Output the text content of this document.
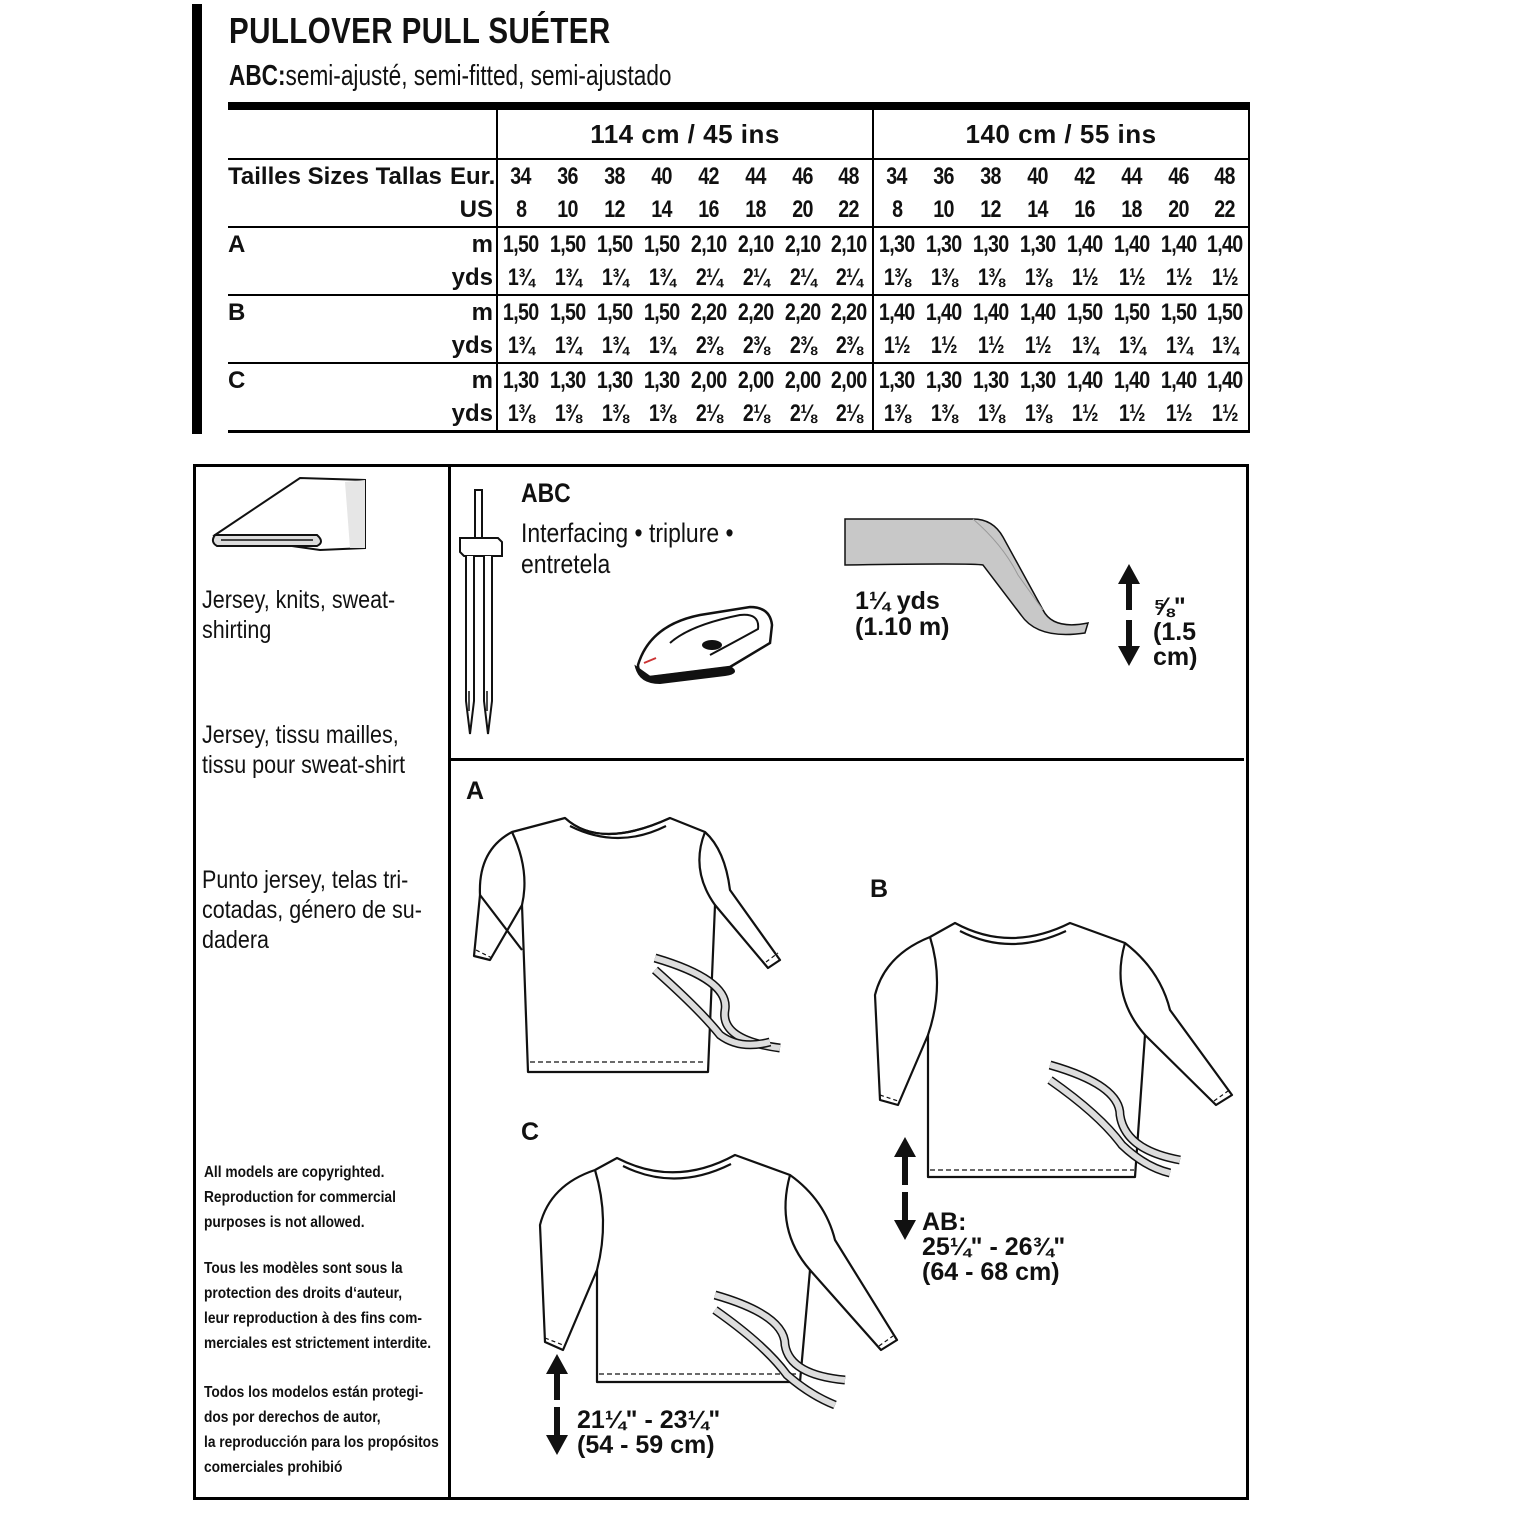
PULLOVER PULL SUÉTER
ABC:semi-ajusté, semi-fitted, semi-ajustado
		114 cm / 45 ins								140 cm / 55 ins							
Tailles Sizes Tallas	Eur.	34	36	38	40	42	44	46	48	34	36	38	40	42	44	46	48
	US	8	10	12	14	16	18	20	22	8	10	12	14	16	18	20	22
A	m	1,50	1,50	1,50	1,50	2,10	2,10	2,10	2,10	1,30	1,30	1,30	1,30	1,40	1,40	1,40	1,40
	yds	1¾	1¾	1¾	1¾	2¼	2¼	2¼	2¼	1⅜	1⅜	1⅜	1⅜	1½	1½	1½	1½
B	m	1,50	1,50	1,50	1,50	2,20	2,20	2,20	2,20	1,40	1,40	1,40	1,40	1,50	1,50	1,50	1,50
	yds	1¾	1¾	1¾	1¾	2⅜	2⅜	2⅜	2⅜	1½	1½	1½	1½	1¾	1¾	1¾	1¾
C	m	1,30	1,30	1,30	1,30	2,00	2,00	2,00	2,00	1,30	1,30	1,30	1,30	1,40	1,40	1,40	1,40
	yds	1⅜	1⅜	1⅜	1⅜	2⅛	2⅛	2⅛	2⅛	1⅜	1⅜	1⅜	1⅜	1½	1½	1½	1½
Jersey, knits, sweat-
shirting
Jersey, tissu mailles,
tissu pour sweat-shirt
Punto jersey, telas tri-
cotadas, género de su-
dadera
All models are copyrighted.
Reproduction for commercial
purposes is not allowed.
Tous les modèles sont sous la
protection des droits d‘auteur,
leur reproduction à des fins com-
merciales est strictement interdite.
Todos los modelos están protegi-
dos por derechos de autor,
la reproducción para los propósitos
comerciales prohibió
ABC
Interfacing • triplure •
entretela
1¼ yds
(1.10 m)
⅝"
(1.5
cm)
A
B
C
AB:
25¼" - 26¾"
(64 - 68 cm)
21¼" - 23¼"
(54 - 59 cm)
